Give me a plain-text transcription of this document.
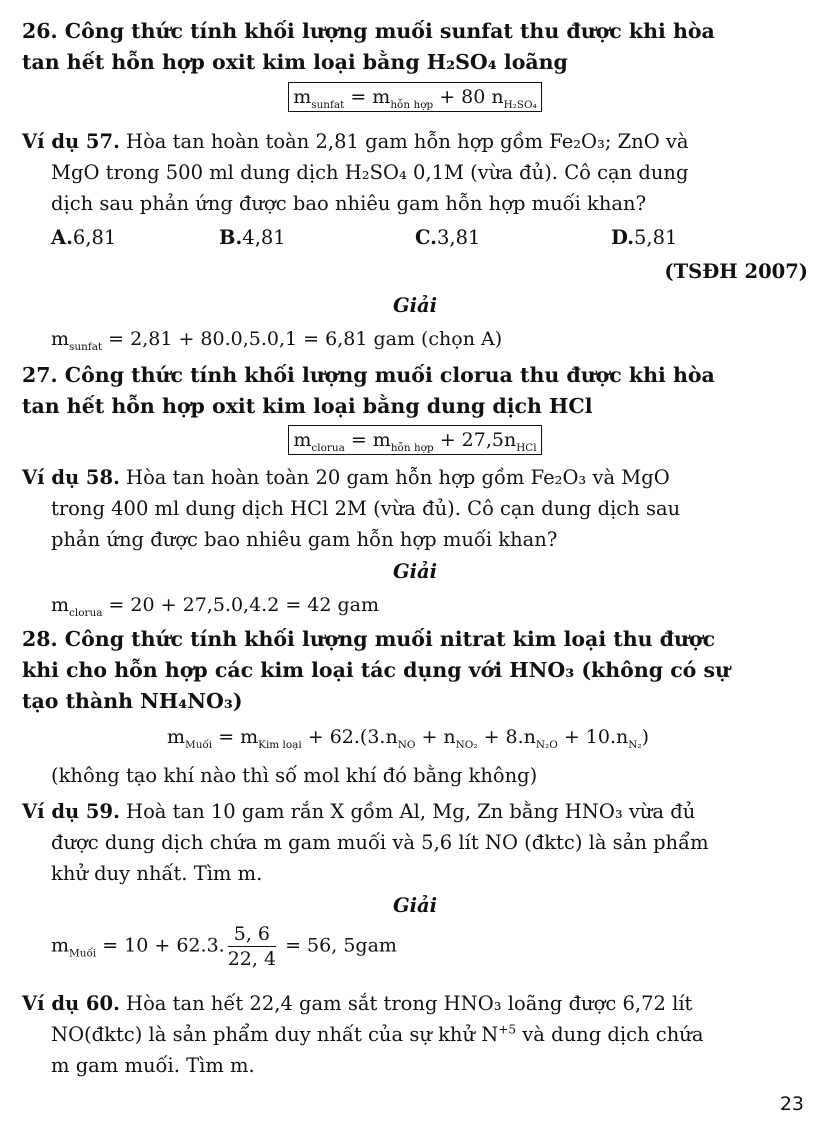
26. Công thức tính khối lượng muối sunfat thu được khi hòa
tan hết hỗn hợp oxit kim loại bằng H₂SO₄ loãng
$m_{sunfat} = m_{hỗn hợp} + 80$ $n_{H_2SO_4}$
Ví dụ 57. Hòa tan hoàn toàn 2,81 gam hỗn hợp gồm Fe₂O₃; ZnO và
MgO trong 500 ml dung dịch H₂SO₄ 0,1M (vừa đủ). Cô cạn dung
dịch sau phản ứng được bao nhiêu gam hỗn hợp muối khan?
A.6,81	B.4,81	C.3,81	D.5,81
(TSĐH 2007)
Giải
$m_{sunfat} = 2,81 + 80.0,5.0,1 = 6,81$ gam (chọn A)
27. Công thức tính khối lượng muối clorua thu được khi hòa
tan hết hỗn hợp oxit kim loại bằng dung dịch HCl
$m_{clorua} = m_{hỗn hợp} + 27,5n_{HCl}$
Ví dụ 58. Hòa tan hoàn toàn 20 gam hỗn hợp gồm Fe₂O₃ và MgO
trong 400 ml dung dịch HCl 2M (vừa đủ). Cô cạn dung dịch sau
phản ứng được bao nhiêu gam hỗn hợp muối khan?
Giải
$m_{clorua} = 20 + 27,5.0,4.2 = 42$ gam
28. Công thức tính khối lượng muối nitrat kim loại thu được
khi cho hỗn hợp các kim loại tác dụng với HNO₃ (không có sự
tạo thành NH₄NO₃)
$m_{Muối} = m_{Kim loại} + 62.(3.n_{NO} + n_{NO_2} + 8.n_{N_2O} + 10.n_{N_2})$
(không tạo khí nào thì số mol khí đó bằng không)
Ví dụ 59. Hoà tan 10 gam rắn X gồm Al, Mg, Zn bằng HNO₃ vừa đủ
được dung dịch chứa m gam muối và 5,6 lít NO (đktc) là sản phẩm
khử duy nhất. Tìm m.
Giải
$m_{Muối} = 10 + 62.3$. $\frac{5, 6}{22, 4} = 56$, 5gam
Ví dụ 60. Hòa tan hết 22,4 gam sắt trong HNO₃ loãng được 6,72 lít
NO(đktc) là sản phẩm duy nhất của sự khử $N^{+5}$ và dung dịch chứa
m gam muối. Tìm m.
23
